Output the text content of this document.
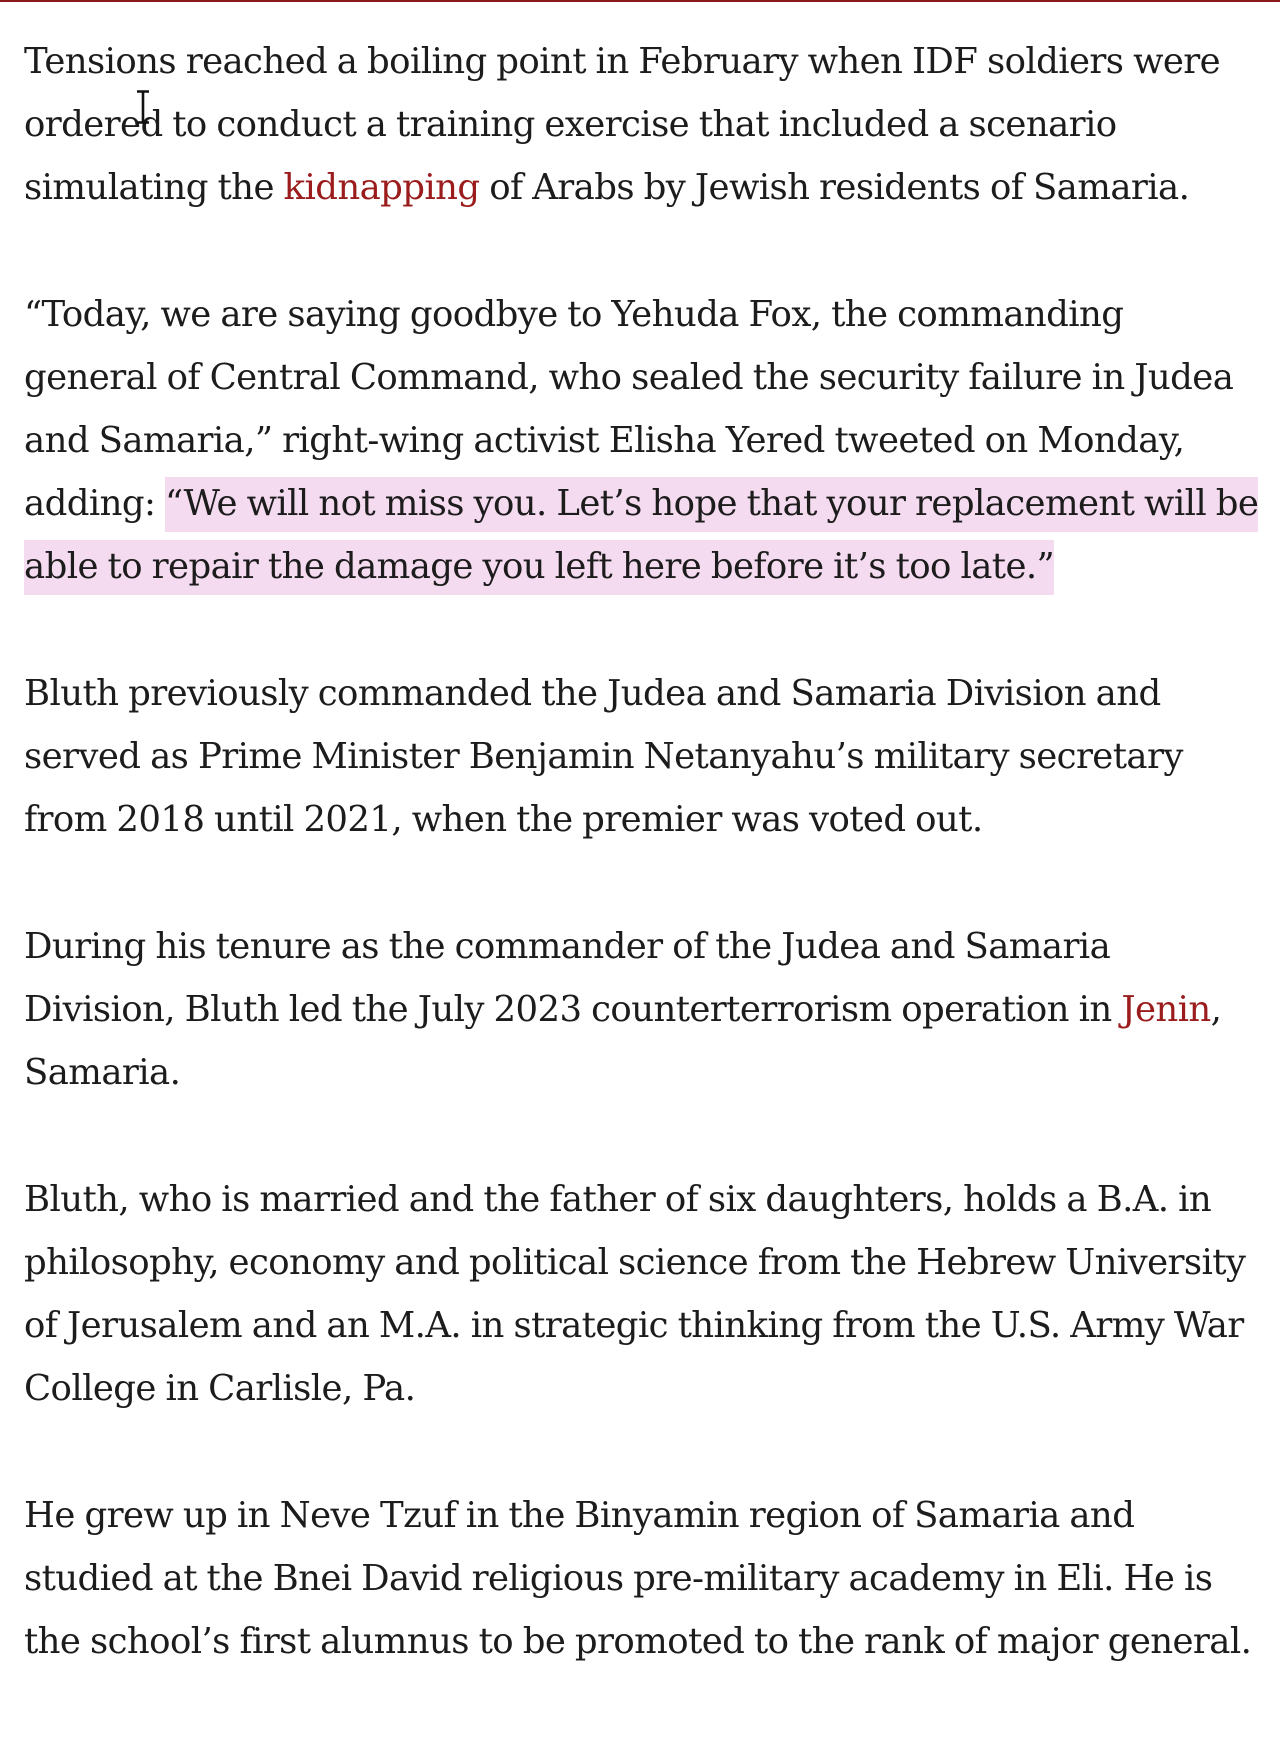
Tensions reached a boiling point in February when IDF soldiers were ordered to conduct a training exercise that included a scenario simulating the kidnapping of Arabs by Jewish residents of Samaria.

“Today, we are saying goodbye to Yehuda Fox, the commanding general of Central Command, who sealed the security failure in Judea and Samaria,” right-wing activist Elisha Yered tweeted on Monday, adding: “We will not miss you. Let’s hope that your replacement will be able to repair the damage you left here before it’s too late.”

Bluth previously commanded the Judea and Samaria Division and served as Prime Minister Benjamin Netanyahu’s military secretary from 2018 until 2021, when the premier was voted out.

During his tenure as the commander of the Judea and Samaria Division, Bluth led the July 2023 counterterrorism operation in Jenin, Samaria.

Bluth, who is married and the father of six daughters, holds a B.A. in philosophy, economy and political science from the Hebrew University of Jerusalem and an M.A. in strategic thinking from the U.S. Army War College in Carlisle, Pa.

He grew up in Neve Tzuf in the Binyamin region of Samaria and studied at the Bnei David religious pre-military academy in Eli. He is the school’s first alumnus to be promoted to the rank of major general.
